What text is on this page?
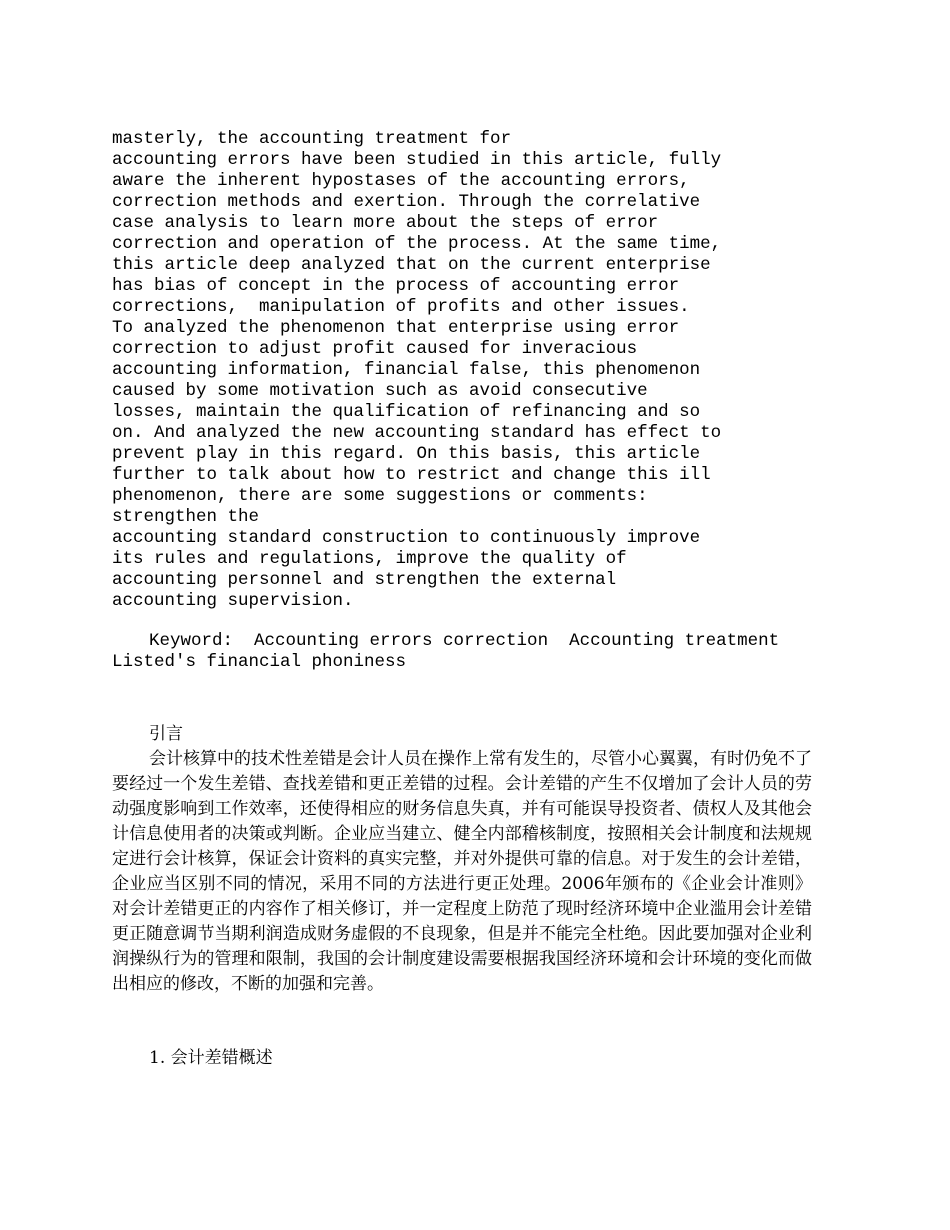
masterly, the accounting treatment for
accounting errors have been studied in this article, fully
aware the inherent hypostases of the accounting errors,
correction methods and exertion. Through the correlative
case analysis to learn more about the steps of error
correction and operation of the process. At the same time,
this article deep analyzed that on the current enterprise
has bias of concept in the process of accounting error
corrections,  manipulation of profits and other issues.
To analyzed the phenomenon that enterprise using error
correction to adjust profit caused for inveracious
accounting information, financial false, this phenomenon
caused by some motivation such as avoid consecutive
losses, maintain the qualification of refinancing and so
on. And analyzed the new accounting standard has effect to
prevent play in this regard. On this basis, this article
further to talk about how to restrict and change this ill
phenomenon, there are some suggestions or comments:
strengthen the
accounting standard construction to continuously improve
its rules and regulations, improve the quality of
accounting personnel and strengthen the external
accounting supervision.
Keyword:  Accounting errors correction  Accounting treatment  Listed's financial phoniness
引言

会计核算中的技术性差错是会计人员在操作上常有发生的，尽管小心翼翼，有时仍免不了要经过一个发生差错、查找差错和更正差错的过程。会计差错的产生不仅增加了会计人员的劳动强度影响到工作效率，还使得相应的财务信息失真，并有可能误导投资者、债权人及其他会计信息使用者的决策或判断。企业应当建立、健全内部稽核制度，按照相关会计制度和法规规定进行会计核算，保证会计资料的真实完整，并对外提供可靠的信息。对于发生的会计差错，企业应当区别不同的情况，采用不同的方法进行更正处理。2006年颁布的《企业会计准则》对会计差错更正的内容作了相关修订，并一定程度上防范了现时经济环境中企业滥用会计差错更正随意调节当期利润造成财务虚假的不良现象，但是并不能完全杜绝。因此要加强对企业利润操纵行为的管理和限制，我国的会计制度建设需要根据我国经济环境和会计环境的变化而做出相应的修改，不断的加强和完善。

1. 会计差错概述
